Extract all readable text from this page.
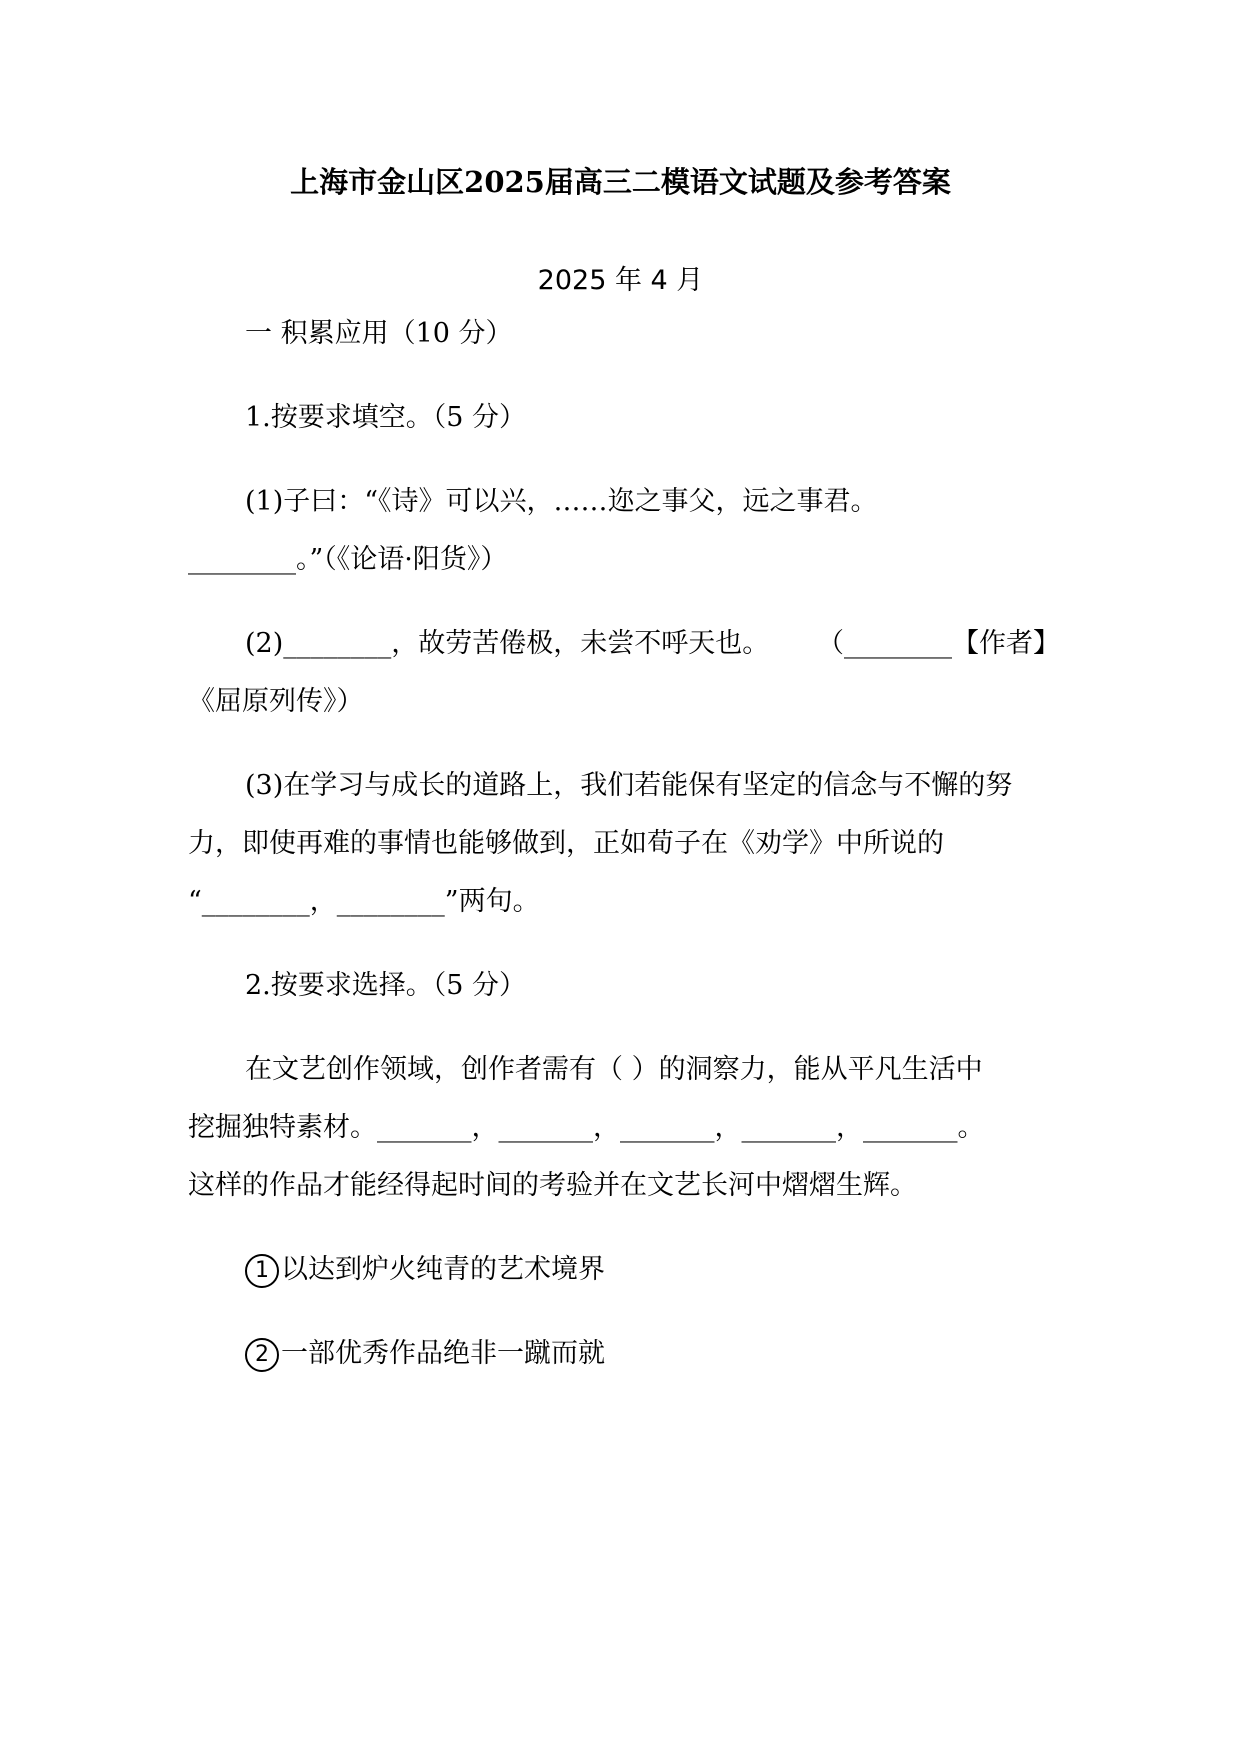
上海市金山区2025届高三二模语文试题及参考答案
2025 年 4 月
一 积累应用（10 分）
1.按要求填空。（5 分）
(1)子曰：“《诗》可以兴，……迩之事父，远之事君。
________。”（《论语·阳货》）
(2)________，故劳苦倦极，未尝不呼天也。 （________【作者】
《屈原列传》）
(3)在学习与成长的道路上，我们若能保有坚定的信念与不懈的努
力，即使再难的事情也能够做到，正如荀子在《劝学》中所说的
“________，________”两句。
2.按要求选择。（5 分）
在文艺创作领域，创作者需有（ ）的洞察力，能从平凡生活中
挖掘独特素材。_______，_______，_______，_______，_______。
这样的作品才能经得起时间的考验并在文艺长河中熠熠生辉。
1 以达到炉火纯青的艺术境界
2 一部优秀作品绝非一蹴而就
